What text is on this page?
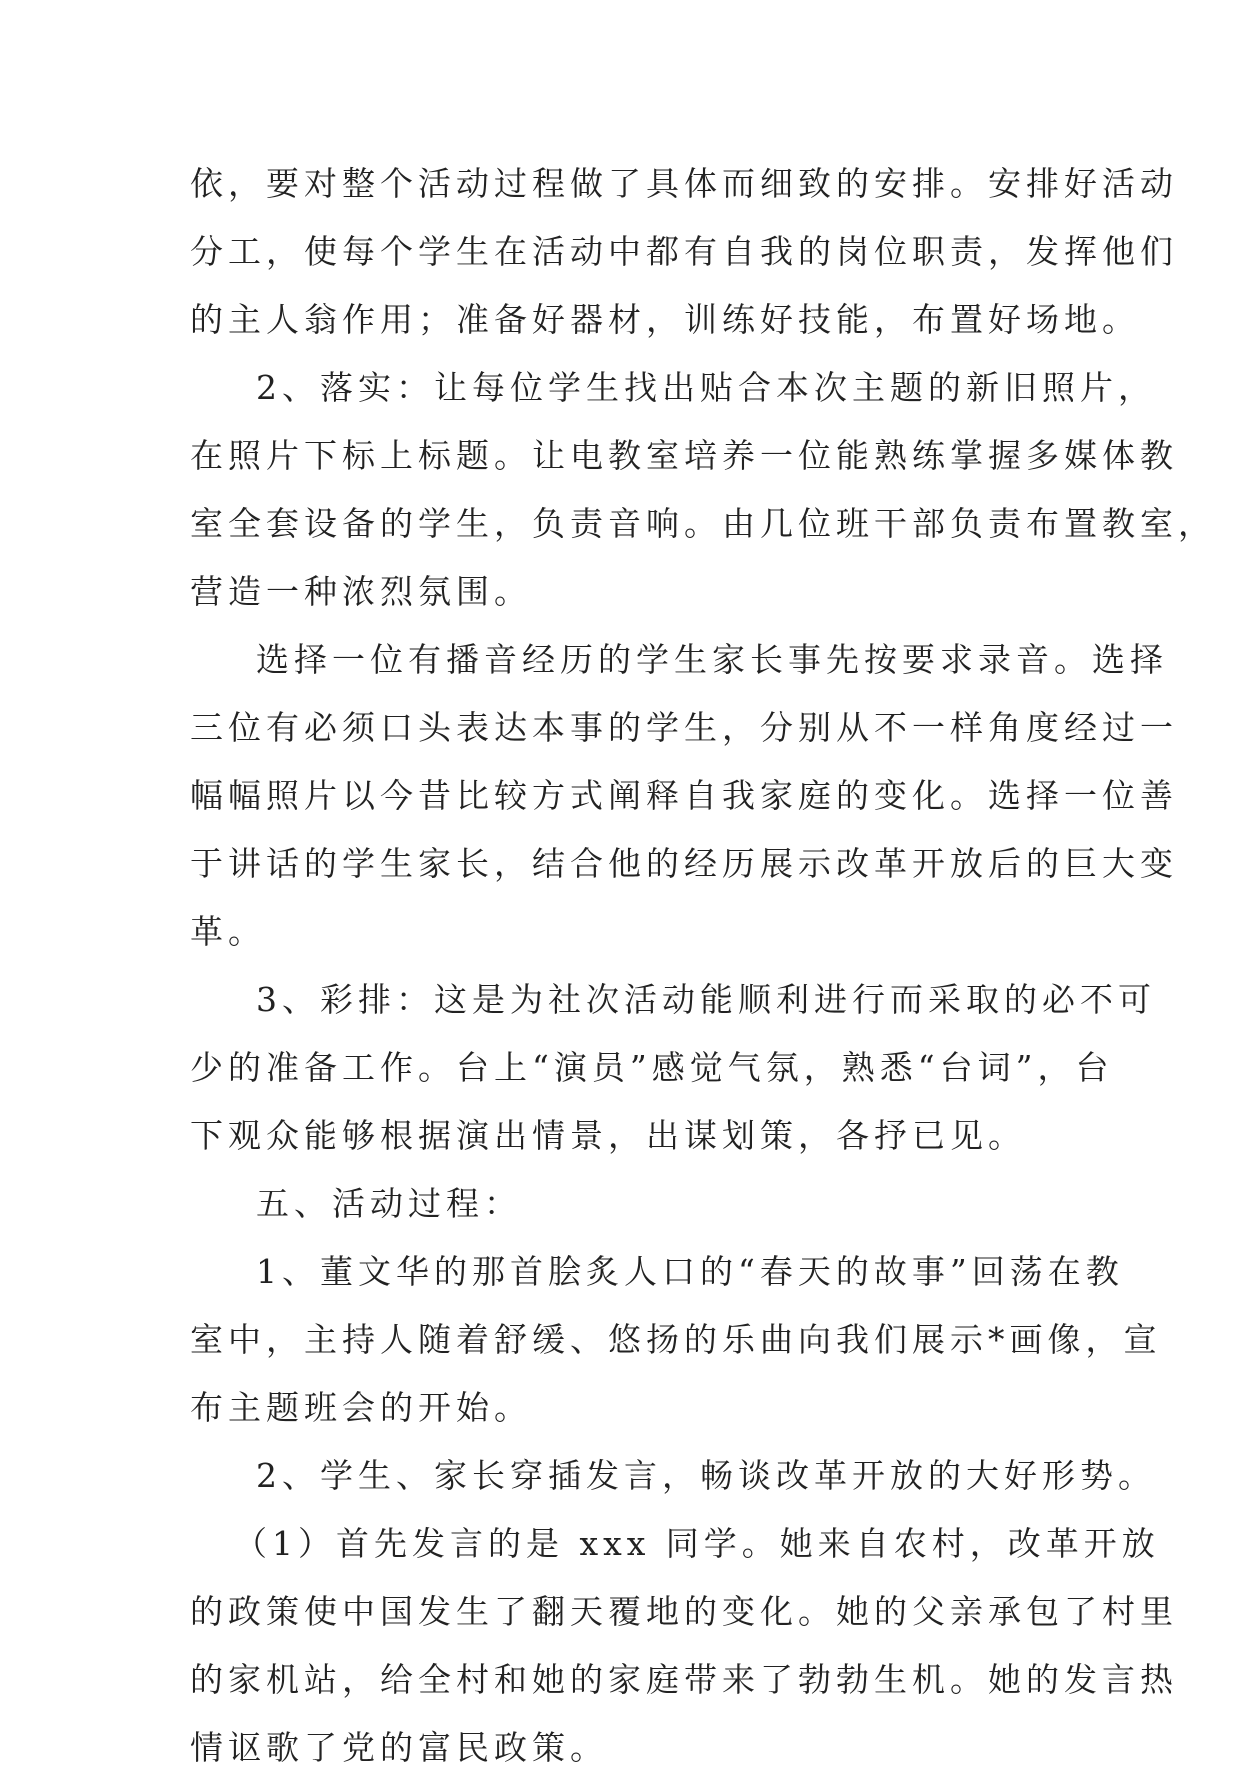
依，要对整个活动过程做了具体而细致的安排。安排好活动
分工，使每个学生在活动中都有自我的岗位职责，发挥他们
的主人翁作用；准备好器材，训练好技能，布置好场地。
2、落实：让每位学生找出贴合本次主题的新旧照片，
在照片下标上标题。让电教室培养一位能熟练掌握多媒体教
室全套设备的学生，负责音响。由几位班干部负责布置教室，
营造一种浓烈氛围。
选择一位有播音经历的学生家长事先按要求录音。选择
三位有必须口头表达本事的学生，分别从不一样角度经过一
幅幅照片以今昔比较方式阐释自我家庭的变化。选择一位善
于讲话的学生家长，结合他的经历展示改革开放后的巨大变
革。
3、彩排：这是为社次活动能顺利进行而采取的必不可
少的准备工作。台上“演员”感觉气氛，熟悉“台词”，台
下观众能够根据演出情景，出谋划策，各抒已见。
五、活动过程：
1、董文华的那首脍炙人口的“春天的故事”回荡在教
室中，主持人随着舒缓、悠扬的乐曲向我们展示*画像，宣
布主题班会的开始。
2、学生、家长穿插发言，畅谈改革开放的大好形势。
（1）首先发言的是 xxx 同学。她来自农村，改革开放
的政策使中国发生了翻天覆地的变化。她的父亲承包了村里
的家机站，给全村和她的家庭带来了勃勃生机。她的发言热
情讴歌了党的富民政策。
